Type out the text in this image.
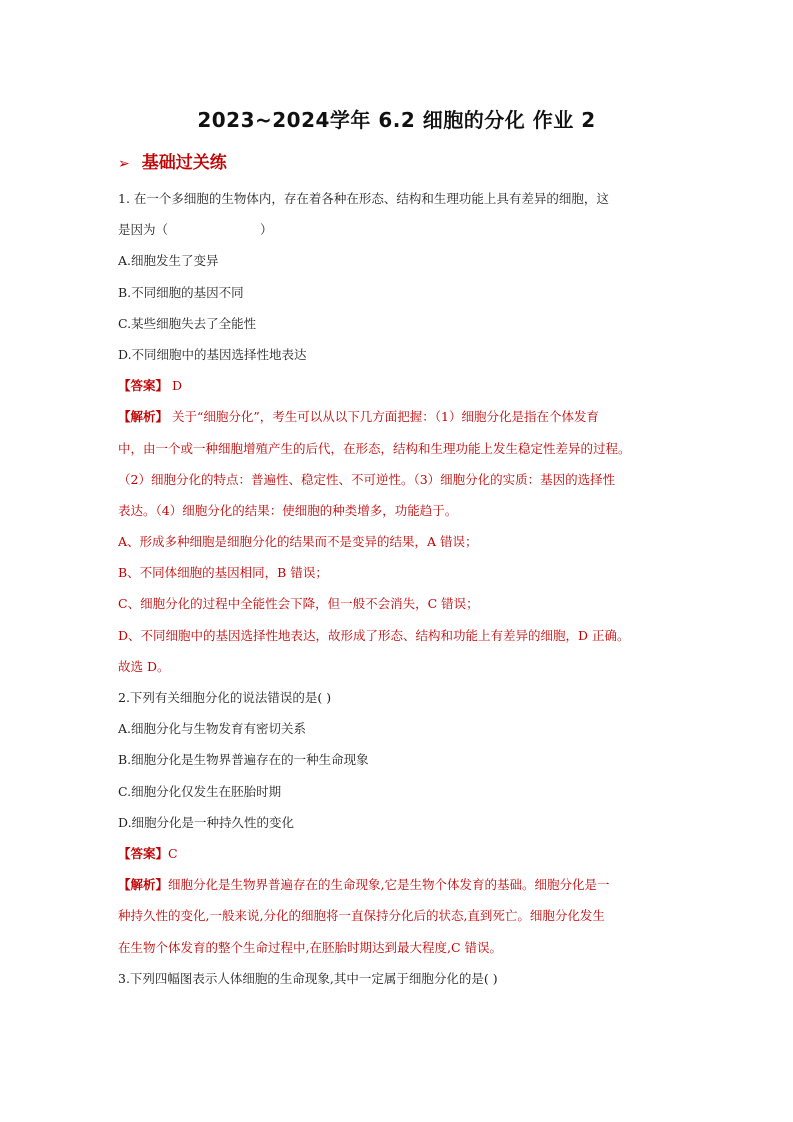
2023~2024学年 6.2 细胞的分化 作业 2
➢ 基础过关练
1. 在一个多细胞的生物体内，存在着各种在形态、结构和生理功能上具有差异的细胞，这
是因为（	）
A.细胞发生了变异
B.不同细胞的基因不同
C.某些细胞失去了全能性
D.不同细胞中的基因选择性地表达
【答案】 D
【解析】 关于“细胞分化”，考生可以从以下几方面把握：（1）细胞分化是指在个体发育
中，由一个或一种细胞增殖产生的后代，在形态，结构和生理功能上发生稳定性差异的过程。
（2）细胞分化的特点：普遍性、稳定性、不可逆性。（3）细胞分化的实质：基因的选择性
表达。（4）细胞分化的结果：使细胞的种类增多，功能趋于。
A、形成多种细胞是细胞分化的结果而不是变异的结果，A 错误；
B、不同体细胞的基因相同，B 错误；
C、细胞分化的过程中全能性会下降，但一般不会消失，C 错误；
D、不同细胞中的基因选择性地表达，故形成了形态、结构和功能上有差异的细胞，D 正确。
故选 D。
2.下列有关细胞分化的说法错误的是( )
A.细胞分化与生物发育有密切关系
B.细胞分化是生物界普遍存在的一种生命现象
C.细胞分化仅发生在胚胎时期
D.细胞分化是一种持久性的变化
【答案】C
【解析】细胞分化是生物界普遍存在的生命现象,它是生物个体发育的基础。细胞分化是一
种持久性的变化,一般来说,分化的细胞将一直保持分化后的状态,直到死亡。细胞分化发生
在生物个体发育的整个生命过程中,在胚胎时期达到最大程度,C 错误。
3.下列四幅图表示人体细胞的生命现象,其中一定属于细胞分化的是( )
